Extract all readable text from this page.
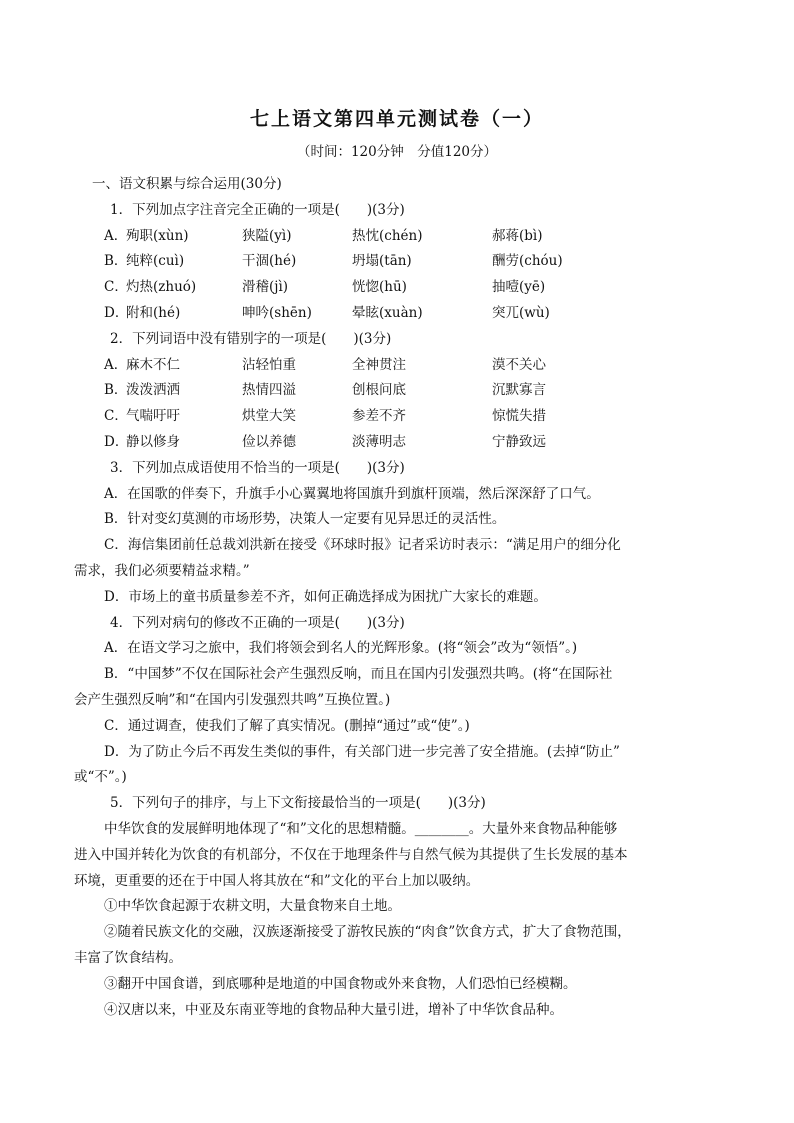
七上语文第四单元测试卷（一）
（时间：120分钟　分值120分）
一、语文积累与综合运用(30分)
1．下列加点字注音完全正确的一项是(　　)(3分)
A．
殉职(xùn)	狭隘(yì)	热忱(chén)	郝蒋(bì)
B．
纯粹(cuì)	干涸(hé)	坍塌(tān)	酬劳(chóu)
C．
灼热(zhuó)	滑稽(jì)	恍惚(hū)	抽噎(yē)
D．
附和(hé)	呻吟(shēn)	晕眩(xuàn)	突兀(wù)
2．下列词语中没有错别字的一项是(　　)(3分)
A．
麻木不仁	沾轻怕重	全神贯注	漠不关心
B．
泼泼洒洒	热情四溢	创根问底	沉默寡言
C．
气喘吁吁	烘堂大笑	参差不齐	惊慌失措
D．
静以修身	俭以养德	淡薄明志	宁静致远
3．下列加点成语使用不恰当的一项是(　　)(3分)
A．在国歌的伴奏下，升旗手小心翼翼地将国旗升到旗杆顶端，然后深深舒了口气。
B．针对变幻莫测的市场形势，决策人一定要有见异思迁的灵活性。
C．海信集团前任总裁刘洪新在接受《环球时报》记者采访时表示：“满足用户的细分化
需求，我们必须要精益求精。”
D．市场上的童书质量参差不齐，如何正确选择成为困扰广大家长的难题。
4．下列对病句的修改不正确的一项是(　　)(3分)
A．在语文学习之旅中，我们将领会到名人的光辉形象。(将“领会”改为“领悟”。)
B．“中国梦”不仅在国际社会产生强烈反响，而且在国内引发强烈共鸣。(将“在国际社
会产生强烈反响”和“在国内引发强烈共鸣”互换位置。)
C．通过调查，使我们了解了真实情况。(删掉“通过”或“使”。)
D．为了防止今后不再发生类似的事件，有关部门进一步完善了安全措施。(去掉“防止”
或“不”。)
5．下列句子的排序，与上下文衔接最恰当的一项是(　　)(3分)
中华饮食的发展鲜明地体现了“和”文化的思想精髓。________。大量外来食物品种能够
进入中国并转化为饮食的有机部分，不仅在于地理条件与自然气候为其提供了生长发展的基本
环境，更重要的还在于中国人将其放在“和”文化的平台上加以吸纳。
①中华饮食起源于农耕文明，大量食物来自土地。
②随着民族文化的交融，汉族逐渐接受了游牧民族的“肉食”饮食方式，扩大了食物范围，
丰富了饮食结构。
③翻开中国食谱，到底哪种是地道的中国食物或外来食物，人们恐怕已经模糊。
④汉唐以来，中亚及东南亚等地的食物品种大量引进，增补了中华饮食品种。
